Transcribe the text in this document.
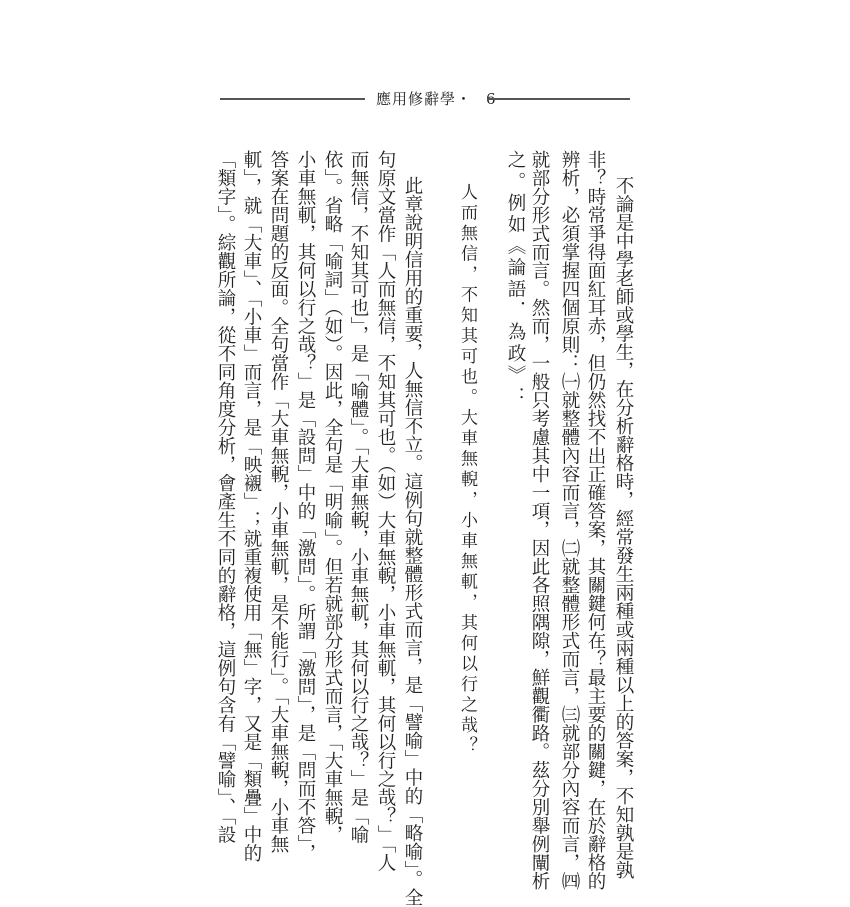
應用修辭學・
不論是中學老師或學生，在分析辭格時，經常發生兩種或兩種以上的答案，不知孰是孰
非？時常爭得面紅耳赤，但仍然找不出正確答案，其關鍵何在？最主要的關鍵，在於辭格的
辨析，必須掌握四個原則：㈠就整體內容而言，㈡就整體形式而言，㈢就部分內容而言，㈣
就部分形式而言。然而，一般只考慮其中一項，因此各照隅隙，鮮觀衢路。茲分別舉例闡析
之。例如《論語．為政》：
人而無信，不知其可也。大車無輗，小車無軏，其何以行之哉？
此章說明信用的重要，人無信不立。這例句就整體形式而言，是「譬喻」中的「略喻」。全
句原文當作「人而無信，不知其可也。（如）大車無輗，小車無軏，其何以行之哉？」「人
而無信，不知其可也」，是「喻體」。「大車無輗，小車無軏，其何以行之哉？」是「喻
依」。省略「喻詞」（如）。因此，全句是「明喻」。但若就部分形式而言，「大車無輗，
小車無軏，其何以行之哉？」是「設問」中的「激問」。所謂「激問」，是「問而不答」，
答案在問題的反面。全句當作「大車無輗，小車無軏，是不能行」。「大車無輗，小車無
軏」，就「大車」、「小車」而言，是「映襯」；就重複使用「無」字，又是「類疊」中的
「類字」。綜觀所論，從不同角度分析，會產生不同的辭格，這例句含有「譬喻」、「設
